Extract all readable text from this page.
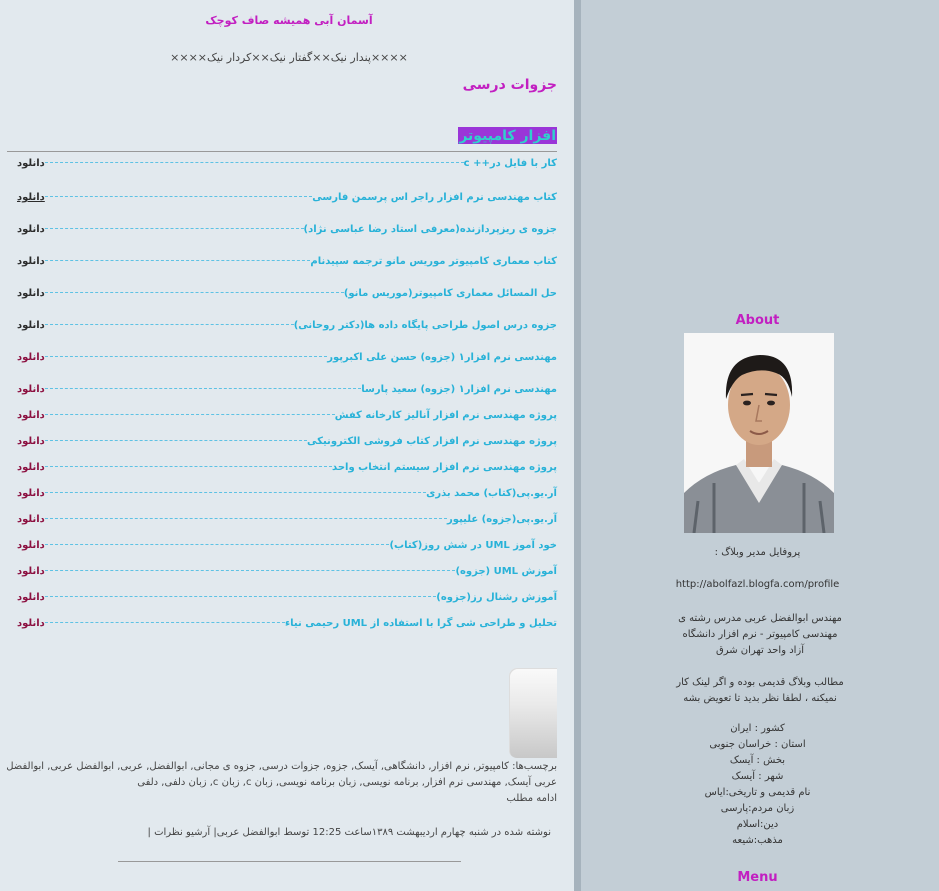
آسمان آبی همیشه صاف کوچک
××××پندار نیک××گفتار نیک××کردار نیک××××
جزوات درسی
افزار کامپیوتر
کار با فایل در++ c
دانلود
کتاب مهندسی نرم افزار راجر اس پرسمن فارسی
دانلود
جزوه ی ریزپردازنده(معرفی استاد رضا عباسی نژاد)
دانلود
کتاب معماری کامپیوتر موریس مانو ترجمه سپیدنام
دانلود
حل المسائل معماری کامپیوتر(موریس مانو)
دانلود
جزوه درس اصول طراحی پایگاه داده ها(دکتر روحانی)
دانلود
مهندسی نرم افزار۱ (جزوه) حسن علی اکبرپور
دانلود
مهندسی نرم افزار۱ (جزوه) سعید پارسا
دانلود
پروژه مهندسی نرم افزار آنالیز کارخانه کفش
دانلود
پروژه مهندسی نرم افزار کتاب فروشی الکترونیکی
دانلود
پروژه مهندسی نرم افزار سیستم انتخاب واحد
دانلود
آر.یو.پی(کتاب) محمد بذری
دانلود
آر.یو.پی(جزوه) علیپور
دانلود
خود آموز UML در شش روز(کتاب)
دانلود
آموزش UML (جزوه)
دانلود
آموزش رشنال رز(جزوه)
دانلود
تحلیل و طراحی شی گرا با استفاده از UML رحیمی نیاء
دانلود
برچسب‌ها: کامپیوتر, نرم افزار, دانشگاهی, آیسک, جزوه, جزوات درسی, جزوه ی مجانی, ابوالفضل, عربی, ابوالفضل عربی, ابوالفضل عربی آیسک, مهندسی نرم افزار, برنامه نویسی, زبان برنامه نویسی, زبان c, زبان c, زبان دلفی, دلفی
ادامه مطلب
نوشته شده در شنبه چهارم اردیبهشت ۱۳۸۹ساعت 12:25 توسط ابوالفضل عربی| آرشیو نظرات |
About
پروفایل مدیر وبلاگ :
http://abolfazl.blogfa.com/profile
مهندس ابوالفضل عربی مدرس رشته ی مهندسی کامپیوتر - نرم افزار دانشگاه آزاد واحد تهران شرق
مطالب وبلاگ قدیمی بوده و اگر لینک کار نمیکنه ، لطفا نظر بدید تا تعویض بشه
کشور : ایران
استان : خراسان جنوبی
بخش : آیسک
شهر : آیسک
نام قدیمی و تاریخی:ایاس
زبان مردم:پارسی
دین:اسلام
مذهب:شیعه
Menu
